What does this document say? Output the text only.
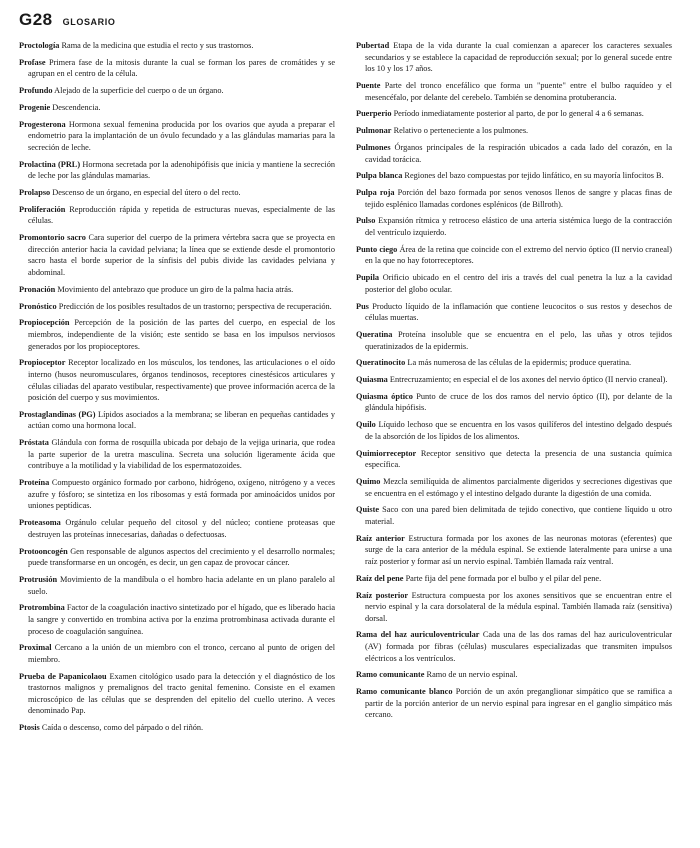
G28 GLOSARIO

Proctología Rama de la medicina que estudia el recto y sus trastornos.

Profase Primera fase de la mitosis durante la cual se forman los pares de cromátides y se agrupan en el centro de la célula.

Profundo Alejado de la superficie del cuerpo o de un órgano.

Progenie Descendencia.

Progesterona Hormona sexual femenina producida por los ovarios que ayuda a preparar el endometrio para la implantación de un óvulo fecundado y a las glándulas mamarias para la secreción de leche.

Prolactina (PRL) Hormona secretada por la adenohipófisis que inicia y mantiene la secreción de leche por las glándulas mamarias.

Prolapso Descenso de un órgano, en especial del útero o del recto.

Proliferación Reproducción rápida y repetida de estructuras nuevas, especialmente de las células.

Promontorio sacro Cara superior del cuerpo de la primera vértebra sacra que se proyecta en dirección anterior hacia la cavidad pelviana; la línea que se extiende desde el promontorio sacro hasta el borde superior de la sínfisis del pubis divide las cavidades pelviana y abdominal.

Pronación Movimiento del antebrazo que produce un giro de la palma hacia atrás.

Pronóstico Predicción de los posibles resultados de un trastorno; perspectiva de recuperación.

Propiocepción Percepción de la posición de las partes del cuerpo, en especial de los miembros, independiente de la visión; este sentido se basa en los impulsos nerviosos generados por los propioceptores.

Propioceptor Receptor localizado en los músculos, los tendones, las articulaciones o el oído interno (husos neuromusculares, órganos tendinosos, receptores cinestésicos articulares y células ciliadas del aparato vestibular, respectivamente) que provee información acerca de la posición del cuerpo y sus movimientos.

Prostaglandinas (PG) Lípidos asociados a la membrana; se liberan en pequeñas cantidades y actúan como una hormona local.

Próstata Glándula con forma de rosquilla ubicada por debajo de la vejiga urinaria, que rodea la parte superior de la uretra masculina. Secreta una solución ligeramente ácida que contribuye a la motilidad y la viabilidad de los espermatozoides.

Proteína Compuesto orgánico formado por carbono, hidrógeno, oxígeno, nitrógeno y a veces azufre y fósforo; se sintetiza en los ribosomas y está formada por aminoácidos unidos por uniones peptídicas.

Proteasoma Orgánulo celular pequeño del citosol y del núcleo; contiene proteasas que destruyen las proteínas innecesarias, dañadas o defectuosas.

Protooncogén Gen responsable de algunos aspectos del crecimiento y el desarrollo normales; puede transformarse en un oncogén, es decir, un gen capaz de provocar cáncer.

Protrusión Movimiento de la mandíbula o el hombro hacia adelante en un plano paralelo al suelo.

Protrombina Factor de la coagulación inactivo sintetizado por el hígado, que es liberado hacia la sangre y convertido en trombina activa por la enzima protrombinasa activada durante el proceso de coagulación sanguínea.

Proximal Cercano a la unión de un miembro con el tronco, cercano al punto de origen del miembro.

Prueba de Papanicolaou Examen citológico usado para la detección y el diagnóstico de los trastornos malignos y premalignos del tracto genital femenino. Consiste en el examen microscópico de las células que se desprenden del epitelio del cuello uterino. A veces denominado Pap.

Ptosis Caída o descenso, como del párpado o del riñón.

Pubertad Etapa de la vida durante la cual comienzan a aparecer los caracteres sexuales secundarios y se establece la capacidad de reproducción sexual; por lo general sucede entre los 10 y los 17 años.

Puente Parte del tronco encefálico que forma un "puente" entre el bulbo raquídeo y el mesencéfalo, por delante del cerebelo. También se denomina protuberancia.

Puerperio Período inmediatamente posterior al parto, de por lo general 4 a 6 semanas.

Pulmonar Relativo o perteneciente a los pulmones.

Pulmones Órganos principales de la respiración ubicados a cada lado del corazón, en la cavidad torácica.

Pulpa blanca Regiones del bazo compuestas por tejido linfático, en su mayoría linfocitos B.

Pulpa roja Porción del bazo formada por senos venosos llenos de sangre y placas finas de tejido esplénico llamadas cordones esplénicos (de Billroth).

Pulso Expansión rítmica y retroceso elástico de una arteria sistémica luego de la contracción del ventrículo izquierdo.

Punto ciego Área de la retina que coincide con el extremo del nervio óptico (II nervio craneal) en la que no hay fotorreceptores.

Pupila Orificio ubicado en el centro del iris a través del cual penetra la luz a la cavidad posterior del globo ocular.

Pus Producto líquido de la inflamación que contiene leucocitos o sus restos y desechos de células muertas.

Queratina Proteína insoluble que se encuentra en el pelo, las uñas y otros tejidos queratinizados de la epidermis.

Queratinocito La más numerosa de las células de la epidermis; produce queratina.

Quiasma Entrecruzamiento; en especial el de los axones del nervio óptico (II nervio craneal).

Quiasma óptico Punto de cruce de los dos ramos del nervio óptico (II), por delante de la glándula hipófisis.

Quilo Líquido lechoso que se encuentra en los vasos quilíferos del intestino delgado después de la absorción de los lípidos de los alimentos.

Quimiorreceptor Receptor sensitivo que detecta la presencia de una sustancia química específica.

Quimo Mezcla semilíquida de alimentos parcialmente digeridos y secreciones digestivas que se encuentra en el estómago y el intestino delgado durante la digestión de una comida.

Quiste Saco con una pared bien delimitada de tejido conectivo, que contiene líquido u otro material.

Raíz anterior Estructura formada por los axones de las neuronas motoras (eferentes) que surge de la cara anterior de la médula espinal. Se extiende lateralmente para unirse a una raíz posterior y formar así un nervio espinal. También llamada raíz ventral.

Raíz del pene Parte fija del pene formada por el bulbo y el pilar del pene.

Raíz posterior Estructura compuesta por los axones sensitivos que se encuentran entre el nervio espinal y la cara dorsolateral de la médula espinal. También llamada raíz (sensitiva) dorsal.

Rama del haz auriculoventricular Cada una de las dos ramas del haz auriculoventricular (AV) formada por fibras (células) musculares especializadas que transmiten impulsos eléctricos a los ventrículos.

Ramo comunicante Ramo de un nervio espinal.

Ramo comunicante blanco Porción de un axón preganglionar simpático que se ramifica a partir de la porción anterior de un nervio espinal para ingresar en el ganglio simpático más cercano.
